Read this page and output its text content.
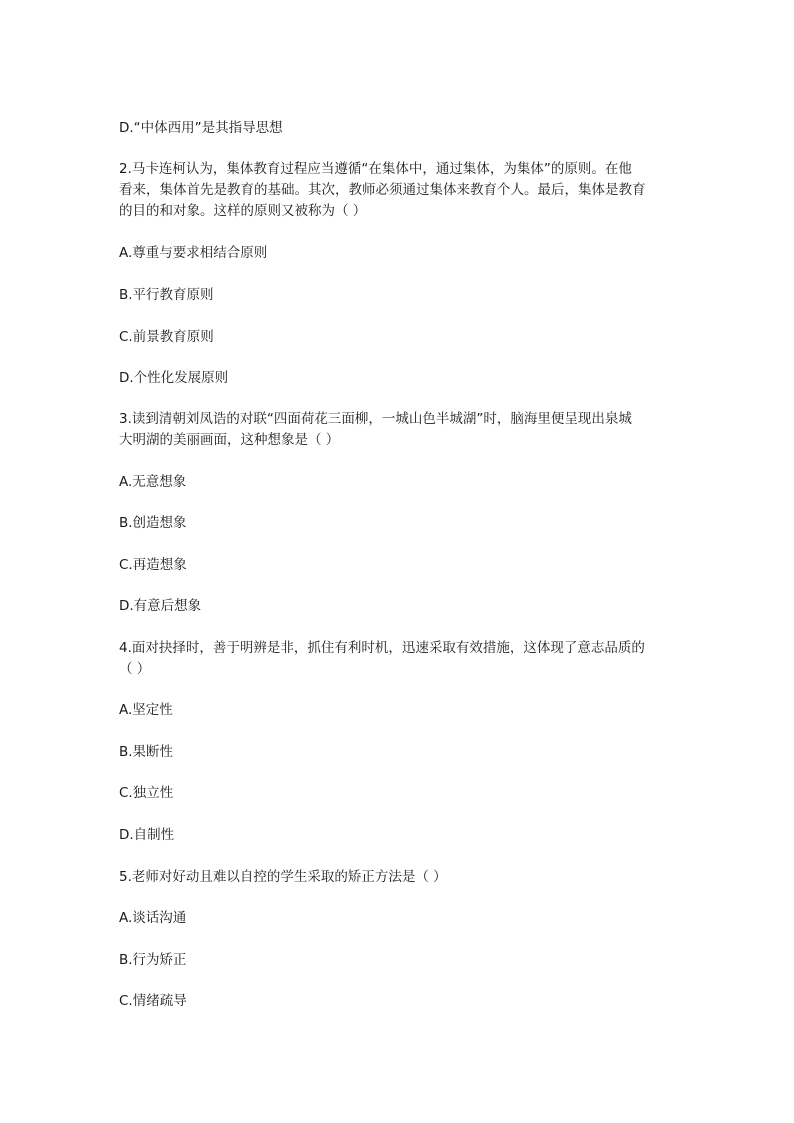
D.“中体西用”是其指导思想
2.马卡连柯认为，集体教育过程应当遵循“在集体中，通过集体，为集体”的原则。在他
看来，集体首先是教育的基础。其次，教师必须通过集体来教育个人。最后，集体是教育
的目的和对象。这样的原则又被称为（ ）
A.尊重与要求相结合原则
B.平行教育原则
C.前景教育原则
D.个性化发展原则
3.读到清朝刘凤诰的对联“四面荷花三面柳，一城山色半城湖”时，脑海里便呈现出泉城
大明湖的美丽画面，这种想象是（ ）
A.无意想象
B.创造想象
C.再造想象
D.有意后想象
4.面对抉择时，善于明辨是非，抓住有利时机，迅速采取有效措施，这体现了意志品质的
（ ）
A.坚定性
B.果断性
C.独立性
D.自制性
5.老师对好动且难以自控的学生采取的矫正方法是（ ）
A.谈话沟通
B.行为矫正
C.情绪疏导
